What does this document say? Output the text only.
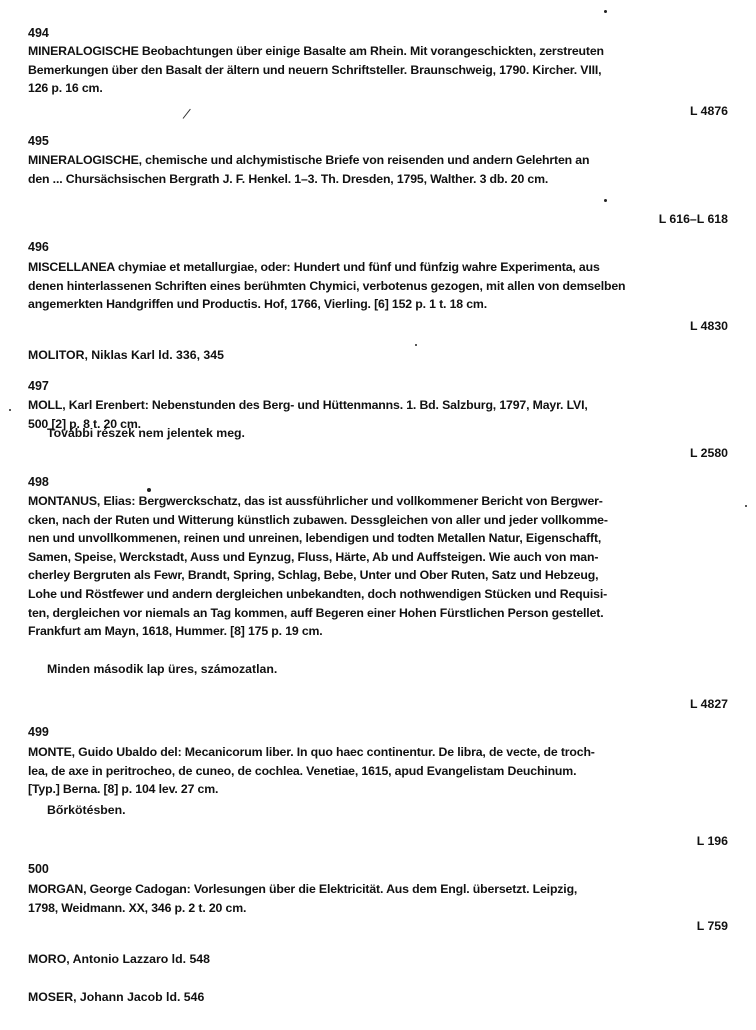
494
MINERALOGISCHE Beobachtungen über einige Basalte am Rhein. Mit vorangeschickten, zerstreuten
Bemerkungen über den Basalt der ältern und neuern Schriftsteller. Braunschweig, 1790. Kircher. VIII,
126 p. 16 cm.
L 4876
495
MINERALOGISCHE, chemische und alchymistische Briefe von reisenden und andern Gelehrten an
den ... Chursächsischen Bergrath J. F. Henkel. 1–3. Th. Dresden, 1795, Walther. 3 db. 20 cm.
L 616–L 618
496
MISCELLANEA chymiae et metallurgiae, oder: Hundert und fünf und fünfzig wahre Experimenta, aus
denen hinterlassenen Schriften eines berühmten Chymici, verbotenus gezogen, mit allen von demselben
angemerkten Handgriffen und Productis. Hof, 1766, Vierling. [6] 152 p. 1 t. 18 cm.
L 4830
MOLITOR, Niklas Karl ld. 336, 345
497
MOLL, Karl Erenbert: Nebenstunden des Berg- und Hüttenmanns. 1. Bd. Salzburg, 1797, Mayr. LVI,
500 [2] p. 8 t. 20 cm.
További részek nem jelentek meg.
L 2580
498
MONTANUS, Elias: Bergwerckschatz, das ist aussführlicher und vollkommener Bericht von Bergwer-
cken, nach der Ruten und Witterung künstlich zubawen. Dessgleichen von aller und jeder vollkomme-
nen und unvollkommenen, reinen und unreinen, lebendigen und todten Metallen Natur, Eigenschafft,
Samen, Speise, Werckstadt, Auss und Eynzug, Fluss, Härte, Ab und Auffsteigen. Wie auch von man-
cherley Bergruten als Fewr, Brandt, Spring, Schlag, Bebe, Unter und Ober Ruten, Satz und Hebzeug,
Lohe und Röstfewer und andern dergleichen unbekandten, doch nothwendigen Stücken und Requisi-
ten, dergleichen vor niemals an Tag kommen, auff Begeren einer Hohen Fürstlichen Person gestellet.
Frankfurt am Mayn, 1618, Hummer. [8] 175 p. 19 cm.
Minden második lap üres, számozatlan.
L 4827
499
MONTE, Guido Ubaldo del: Mecanicorum liber. In quo haec continentur. De libra, de vecte, de troch-
lea, de axe in peritrocheo, de cuneo, de cochlea. Venetiae, 1615, apud Evangelistam Deuchinum.
[Typ.] Berna. [8] p. 104 lev. 27 cm.
Bőrkötésben.
L 196
500
MORGAN, George Cadogan: Vorlesungen über die Elektricität. Aus dem Engl. übersetzt. Leipzig,
1798, Weidmann. XX, 346 p. 2 t. 20 cm.
L 759
MORO, Antonio Lazzaro ld. 548
MOSER, Johann Jacob ld. 546
